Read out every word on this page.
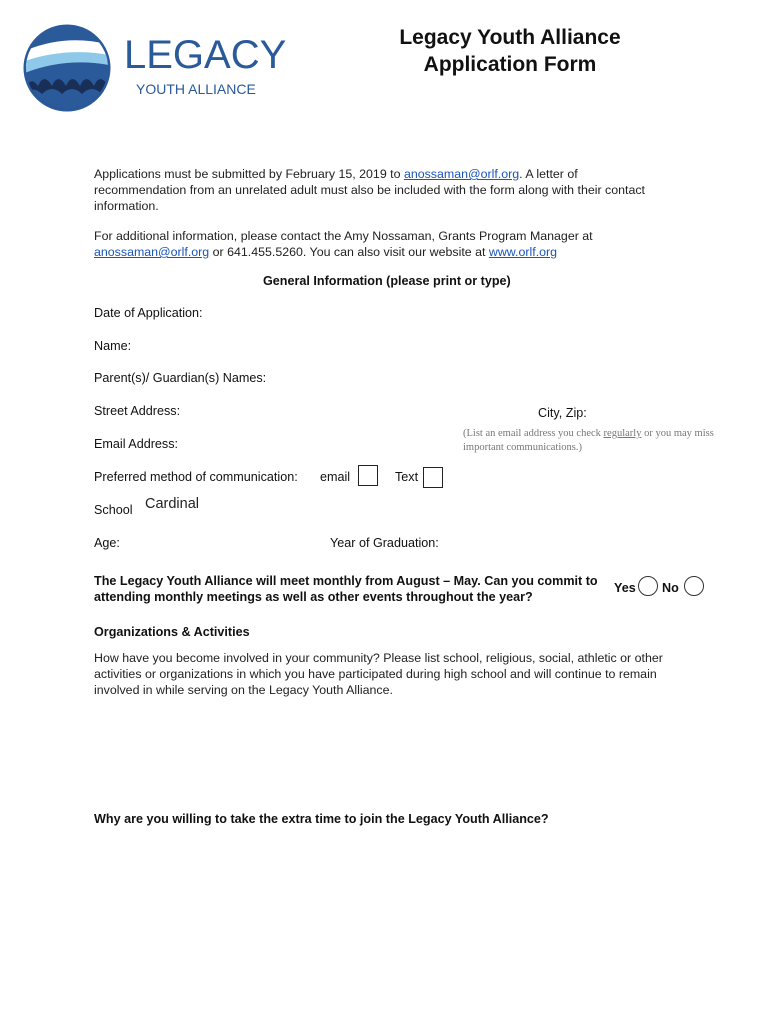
LEGACY
YOUTH ALLIANCE
Legacy Youth Alliance
Application Form
Applications must be submitted by February 15, 2019 to anossaman@orlf.org. A letter of recommendation from an unrelated adult must also be included with the form along with their contact information.
For additional information, please contact the Amy Nossaman, Grants Program Manager at anossaman@orlf.org or 641.455.5260. You can also visit our website at www.orlf.org
General Information (please print or type)
Date of Application:
Name:
Parent(s)/ Guardian(s) Names:
Street Address:	City, Zip:
Email Address:
(List an email address you check regularly or you may miss important communications.)
Preferred method of communication: email	Text
School Cardinal
Age:	Year of Graduation:
The Legacy Youth Alliance will meet monthly from August – May. Can you commit to attending monthly meetings as well as other events throughout the year?
Yes No
Organizations & Activities
How have you become involved in your community? Please list school, religious, social, athletic or other activities or organizations in which you have participated during high school and will continue to remain involved in while serving on the Legacy Youth Alliance.
Why are you willing to take the extra time to join the Legacy Youth Alliance?
